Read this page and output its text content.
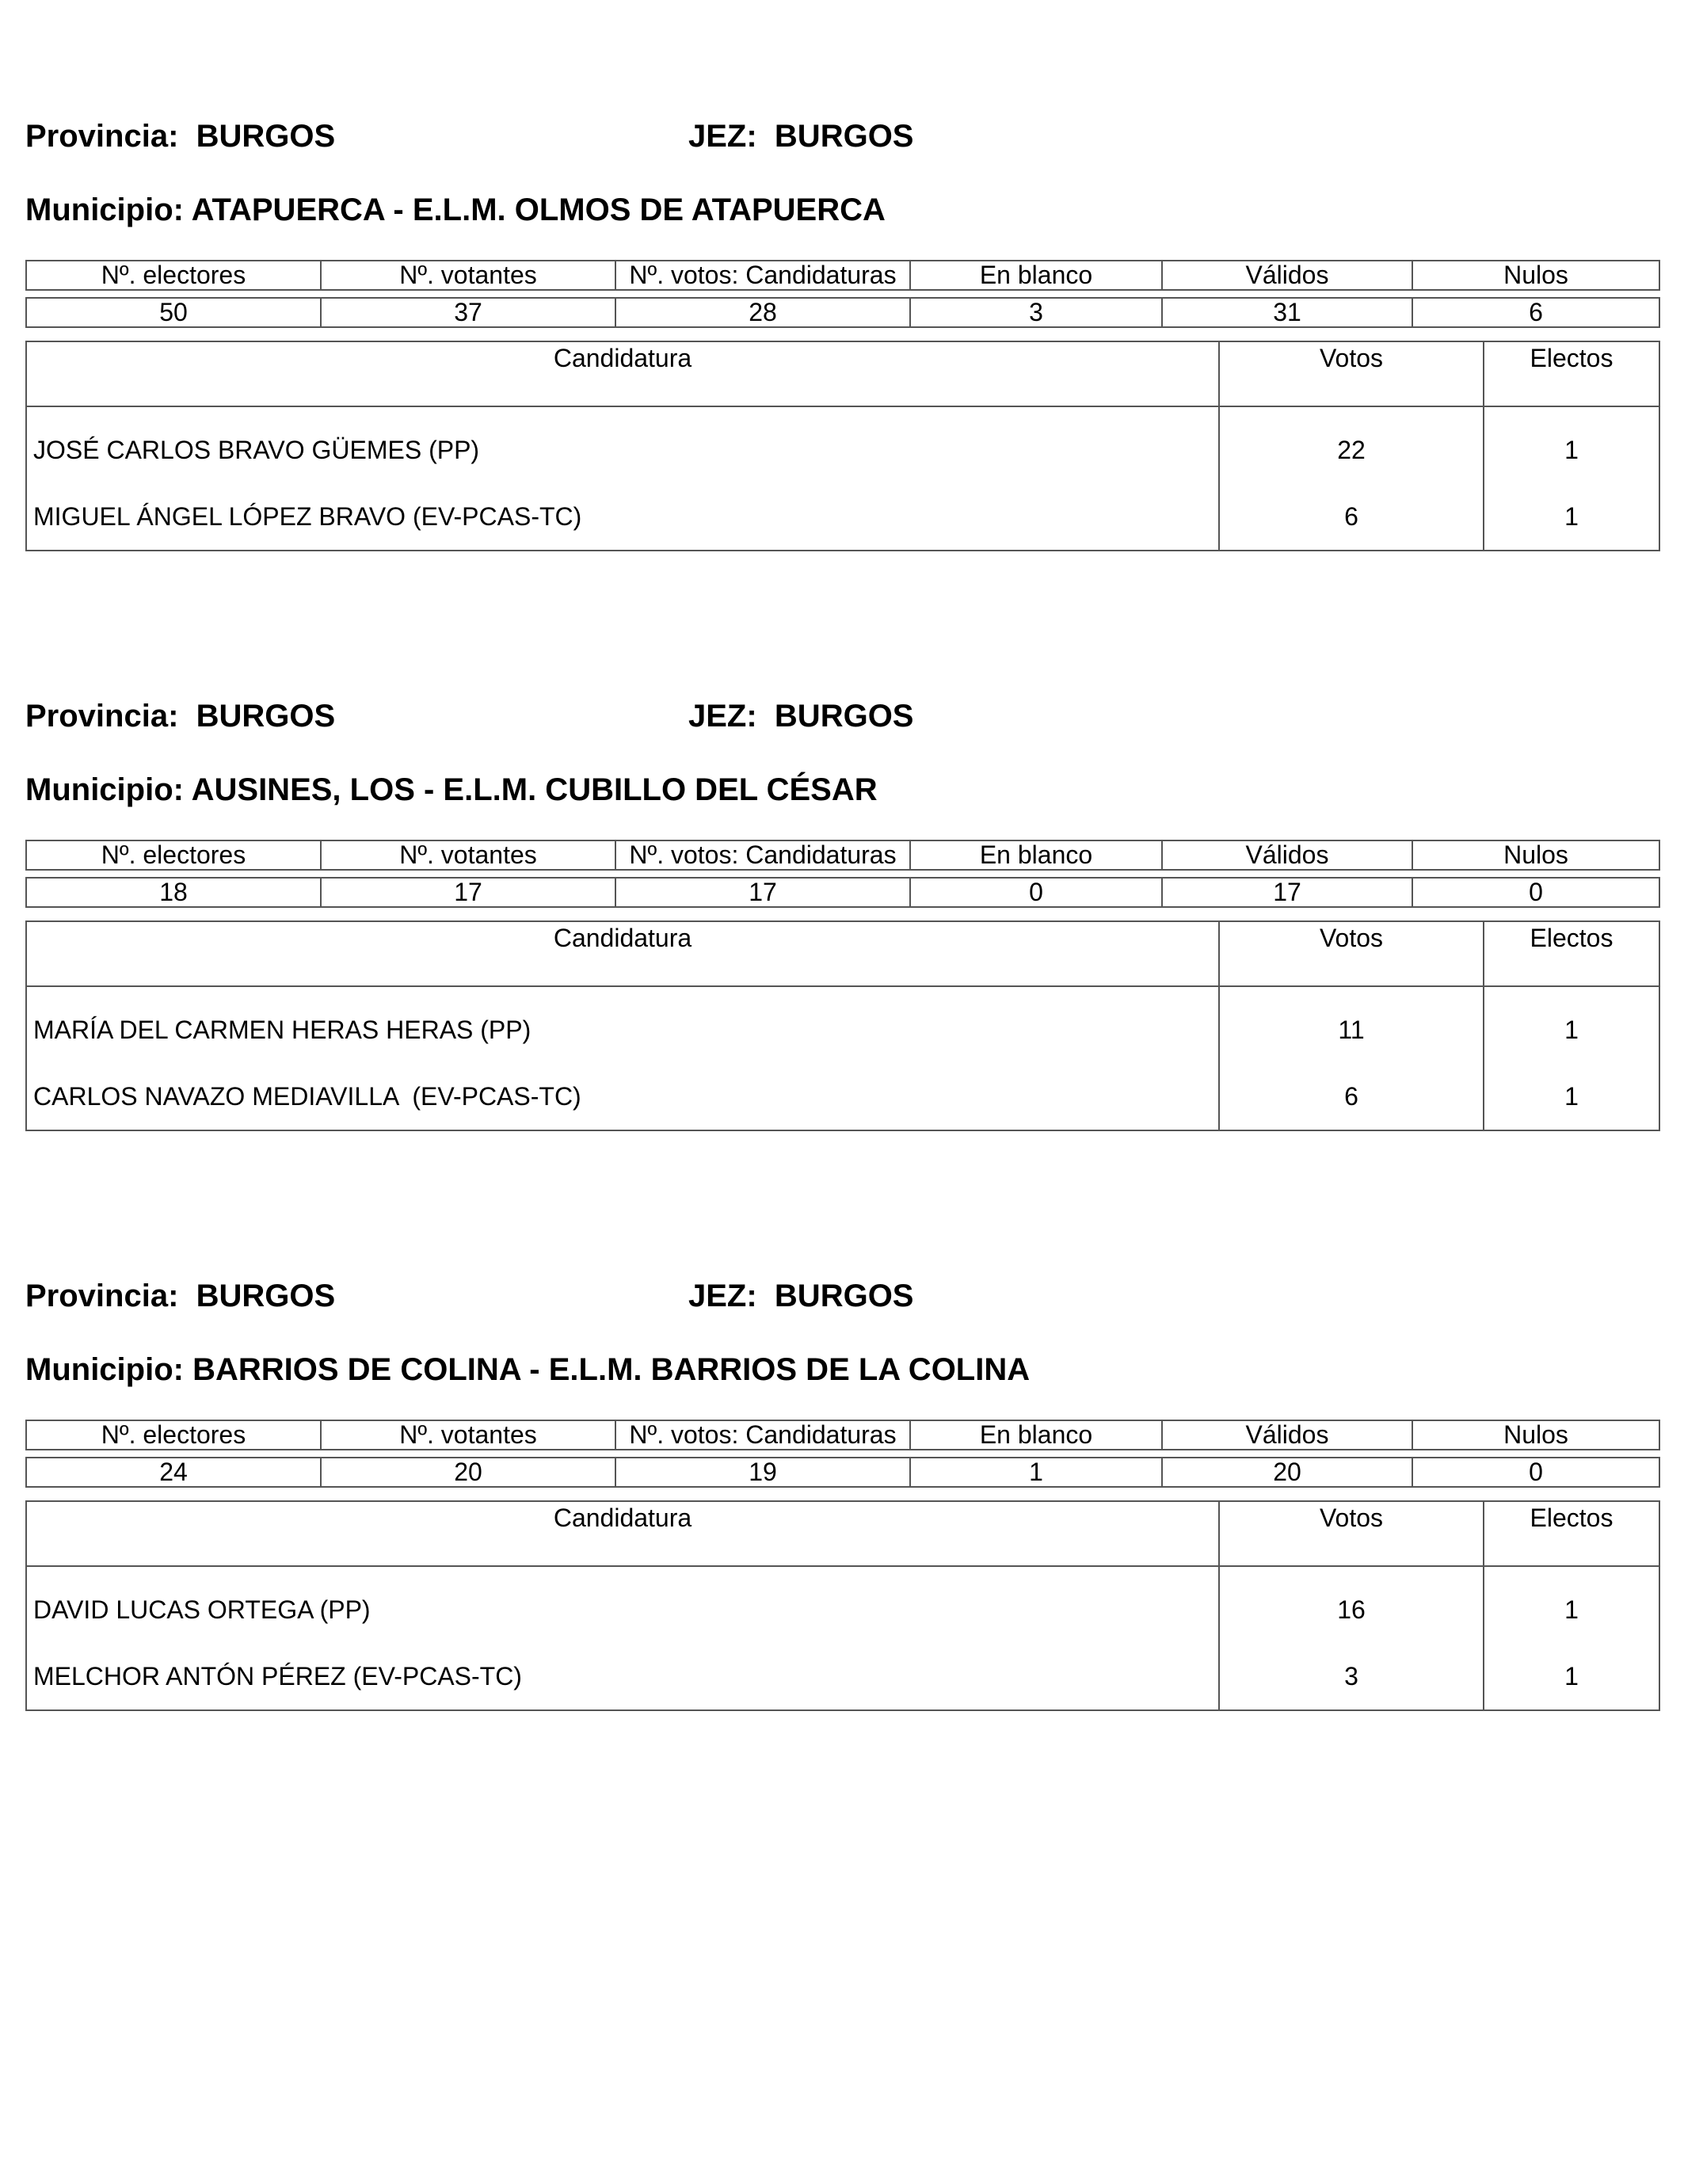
Provincia: BURGOS	JEZ: BURGOS
Municipio: ATAPUERCA - E.L.M. OLMOS DE ATAPUERCA
Nº. electores	Nº. votantes	Nº. votos: Candidaturas	En blanco	Válidos	Nulos

50	37	28	3	31	6
Candidatura	Votos	Electos
JOSÉ CARLOS BRAVO GÜEMES (PP)	22	1
MIGUEL ÁNGEL LÓPEZ BRAVO (EV-PCAS-TC)	6	1
Provincia: BURGOS	JEZ: BURGOS
Municipio: AUSINES, LOS - E.L.M. CUBILLO DEL CÉSAR
Nº. electores	Nº. votantes	Nº. votos: Candidaturas	En blanco	Válidos	Nulos

18	17	17	0	17	0
Candidatura	Votos	Electos
MARÍA DEL CARMEN HERAS HERAS (PP)	11	1
CARLOS NAVAZO MEDIAVILLA  (EV-PCAS-TC)	6	1
Provincia: BURGOS	JEZ: BURGOS
Municipio: BARRIOS DE COLINA - E.L.M. BARRIOS DE LA COLINA
Nº. electores	Nº. votantes	Nº. votos: Candidaturas	En blanco	Válidos	Nulos

24	20	19	1	20	0
Candidatura	Votos	Electos
DAVID LUCAS ORTEGA (PP)	16	1
MELCHOR ANTÓN PÉREZ (EV-PCAS-TC)	3	1
